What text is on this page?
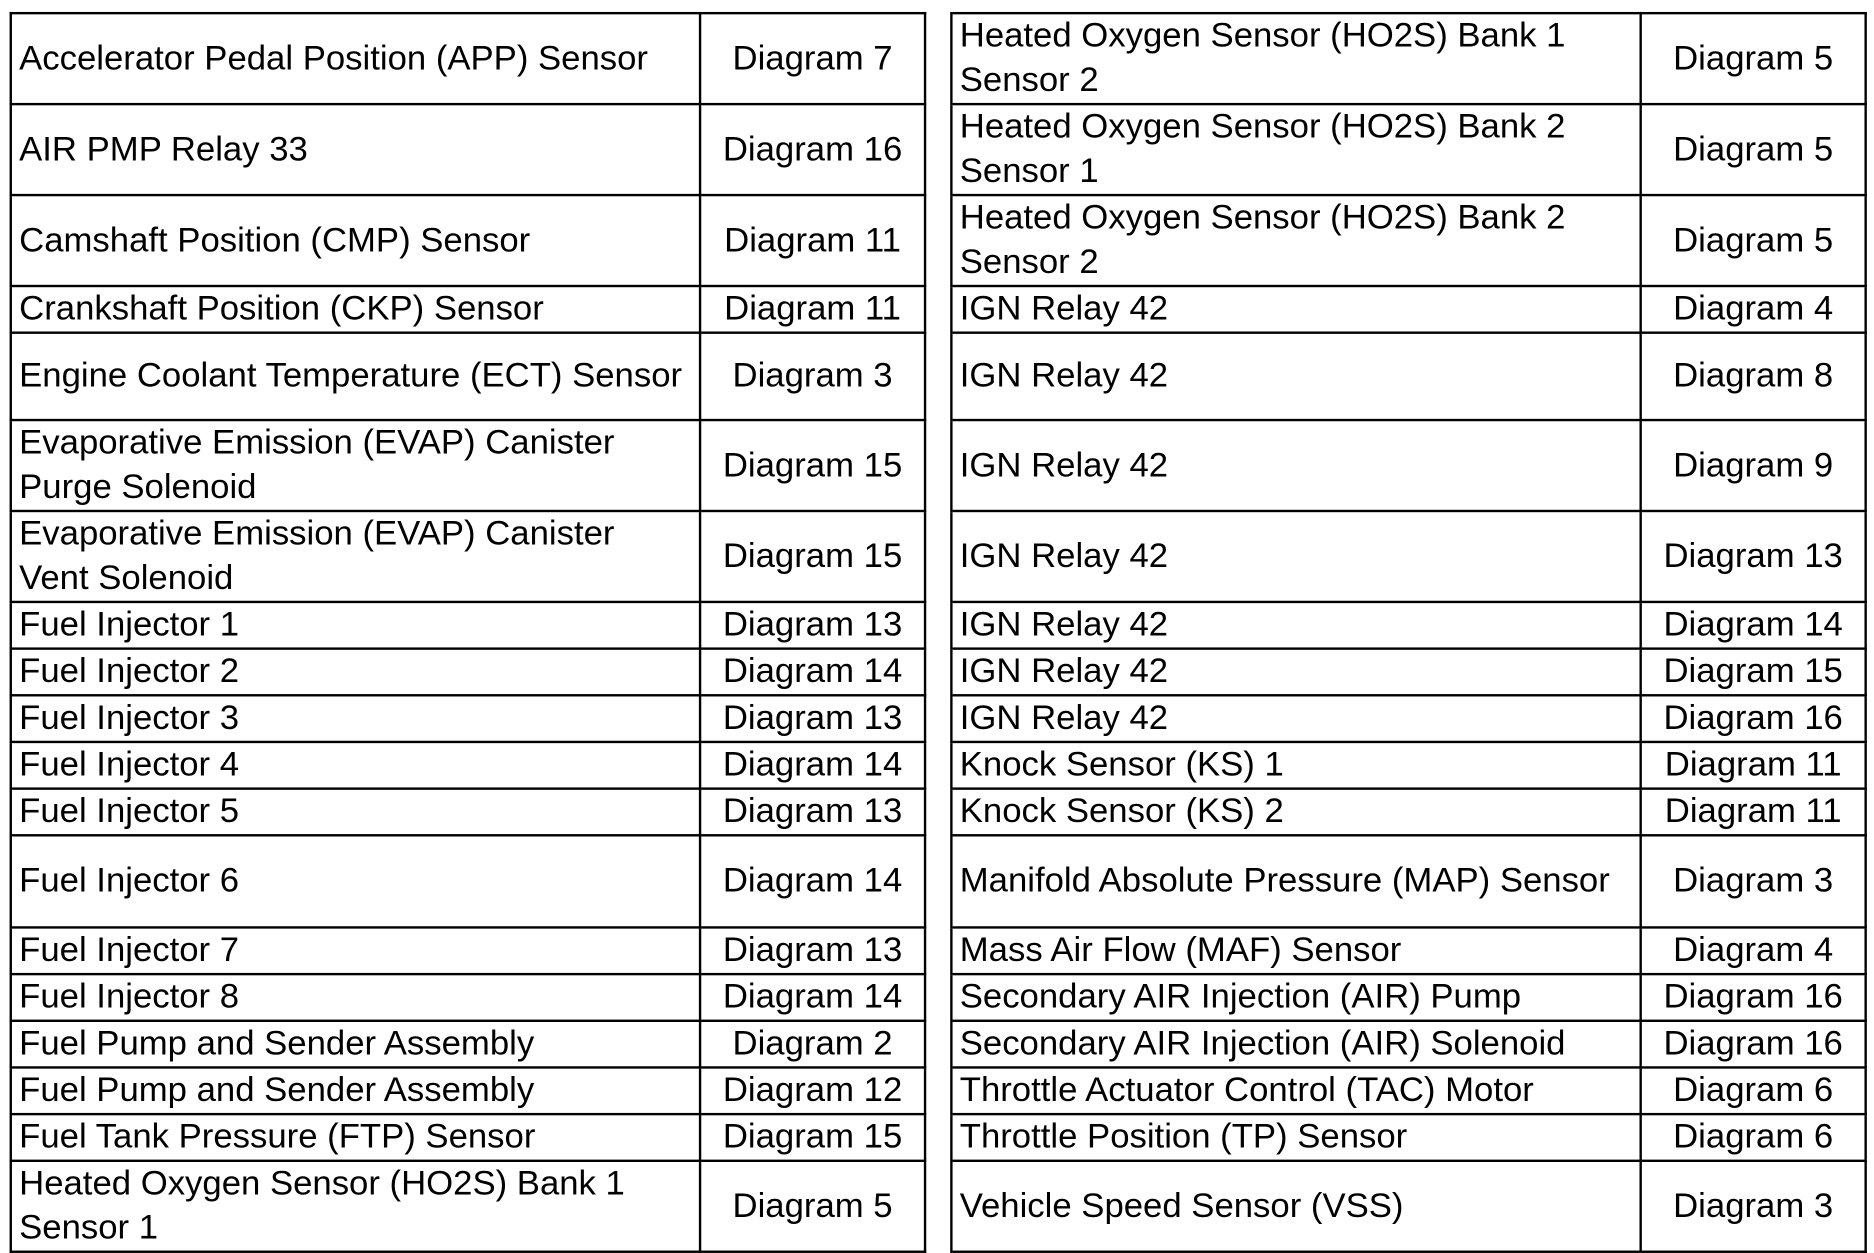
Accelerator Pedal Position (APP) Sensor	Diagram 7		Heated Oxygen Sensor (HO2S) Bank 1 Sensor 2	Diagram 5

AIR PMP Relay 33	Diagram 16		Heated Oxygen Sensor (HO2S) Bank 2 Sensor 1	Diagram 5

Camshaft Position (CMP) Sensor	Diagram 11		Heated Oxygen Sensor (HO2S) Bank 2 Sensor 2	Diagram 5

Crankshaft Position (CKP) Sensor	Diagram 11		IGN Relay 42	Diagram 4

Engine Coolant Temperature (ECT) Sensor	Diagram 3		IGN Relay 42	Diagram 8

Evaporative Emission (EVAP) Canister Purge Solenoid	Diagram 15		IGN Relay 42	Diagram 9

Evaporative Emission (EVAP) Canister Vent Solenoid	Diagram 15		IGN Relay 42	Diagram 13

Fuel Injector 1	Diagram 13		IGN Relay 42	Diagram 14

Fuel Injector 2	Diagram 14		IGN Relay 42	Diagram 15

Fuel Injector 3	Diagram 13		IGN Relay 42	Diagram 16

Fuel Injector 4	Diagram 14		Knock Sensor (KS) 1	Diagram 11

Fuel Injector 5	Diagram 13		Knock Sensor (KS) 2	Diagram 11

Fuel Injector 6	Diagram 14		Manifold Absolute Pressure (MAP) Sensor	Diagram 3

Fuel Injector 7	Diagram 13		Mass Air Flow (MAF) Sensor	Diagram 4

Fuel Injector 8	Diagram 14		Secondary AIR Injection (AIR) Pump	Diagram 16

Fuel Pump and Sender Assembly	Diagram 2		Secondary AIR Injection (AIR) Solenoid	Diagram 16

Fuel Pump and Sender Assembly	Diagram 12		Throttle Actuator Control (TAC) Motor	Diagram 6

Fuel Tank Pressure (FTP) Sensor	Diagram 15		Throttle Position (TP) Sensor	Diagram 6

Heated Oxygen Sensor (HO2S) Bank 1 Sensor 1	Diagram 5		Vehicle Speed Sensor (VSS)	Diagram 3
